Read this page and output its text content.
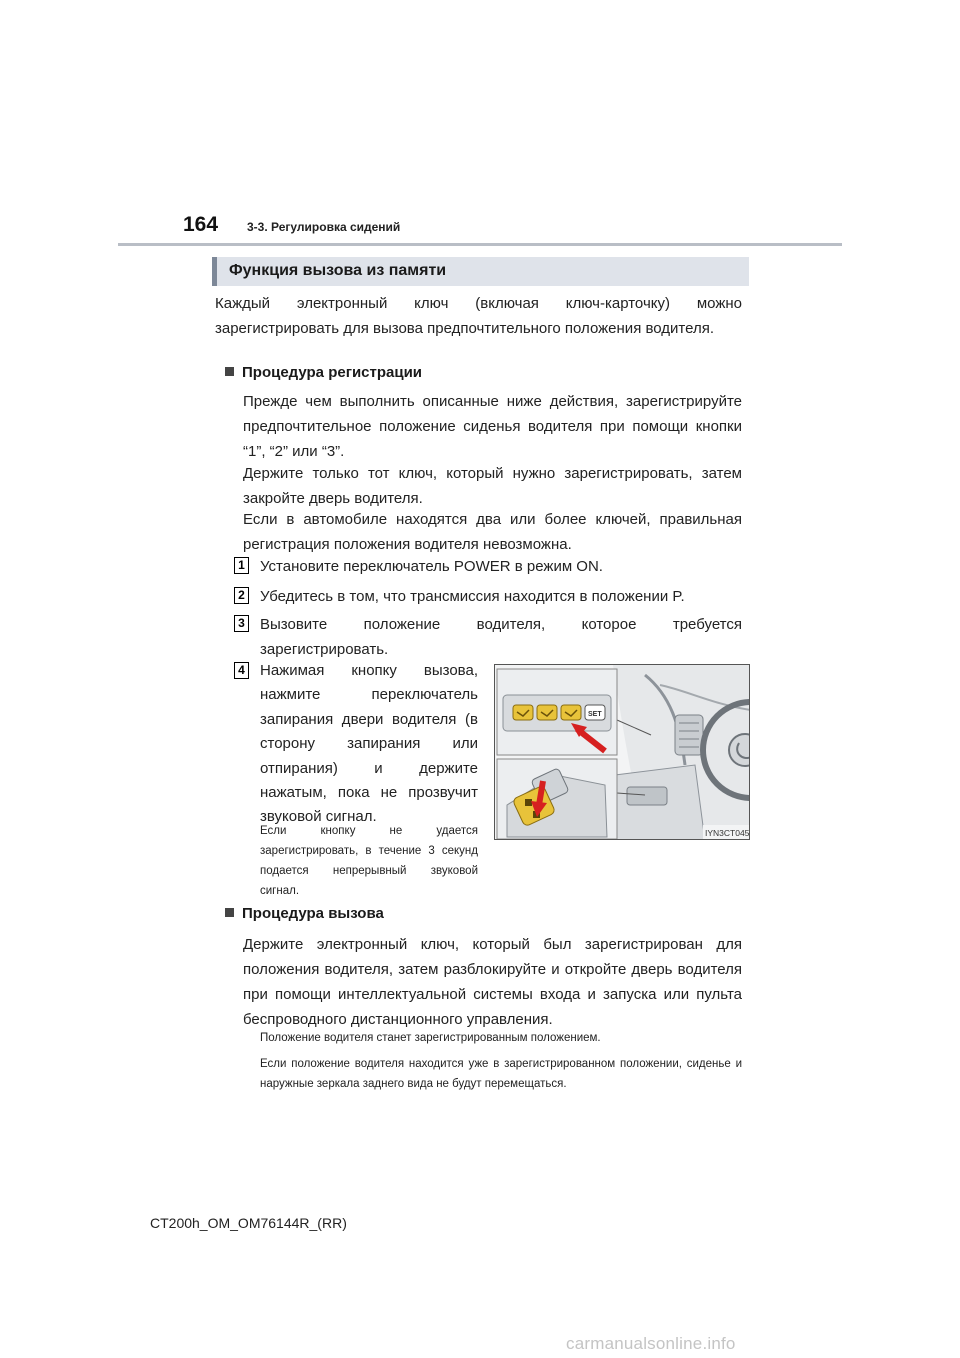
164 3-3. Регулировка сидений
Функция вызова из памяти
Каждый электронный ключ (включая ключ-карточку) можно зарегистрировать для вызова предпочтительного положения водителя.
Процедура регистрации
Прежде чем выполнить описанные ниже действия, зарегистрируйте предпочтительное положение сиденья водителя при помощи кнопки “1”, “2” или “3”.
Держите только тот ключ, который нужно зарегистрировать, затем закройте дверь водителя.
Если в автомобиле находятся два или более ключей, правильная регистрация положения водителя невозможна.
1 Установите переключатель POWER в режим ON.
2 Убедитесь в том, что трансмиссия находится в положении P.
3 Вызовите положение водителя, которое требуется зарегистрировать.
4 Нажимая кнопку вызова, нажмите переключатель запирания двери водителя (в сторону запирания или отпирания) и держите нажатым, пока не прозвучит звуковой сигнал.
Если кнопку не удается зарегистрировать, в течение 3 секунд подается непрерывный звуковой сигнал.
SET
IYN3CT045
Процедура вызова
Держите электронный ключ, который был зарегистрирован для положения водителя, затем разблокируйте и откройте дверь водителя при помощи интеллектуальной системы входа и запуска или пульта беспроводного дистанционного управления.
Положение водителя станет зарегистрированным положением.
Если положение водителя находится уже в зарегистрированном положении, сиденье и наружные зеркала заднего вида не будут перемещаться.
CT200h_OM_OM76144R_(RR)
carmanualsonline.info
